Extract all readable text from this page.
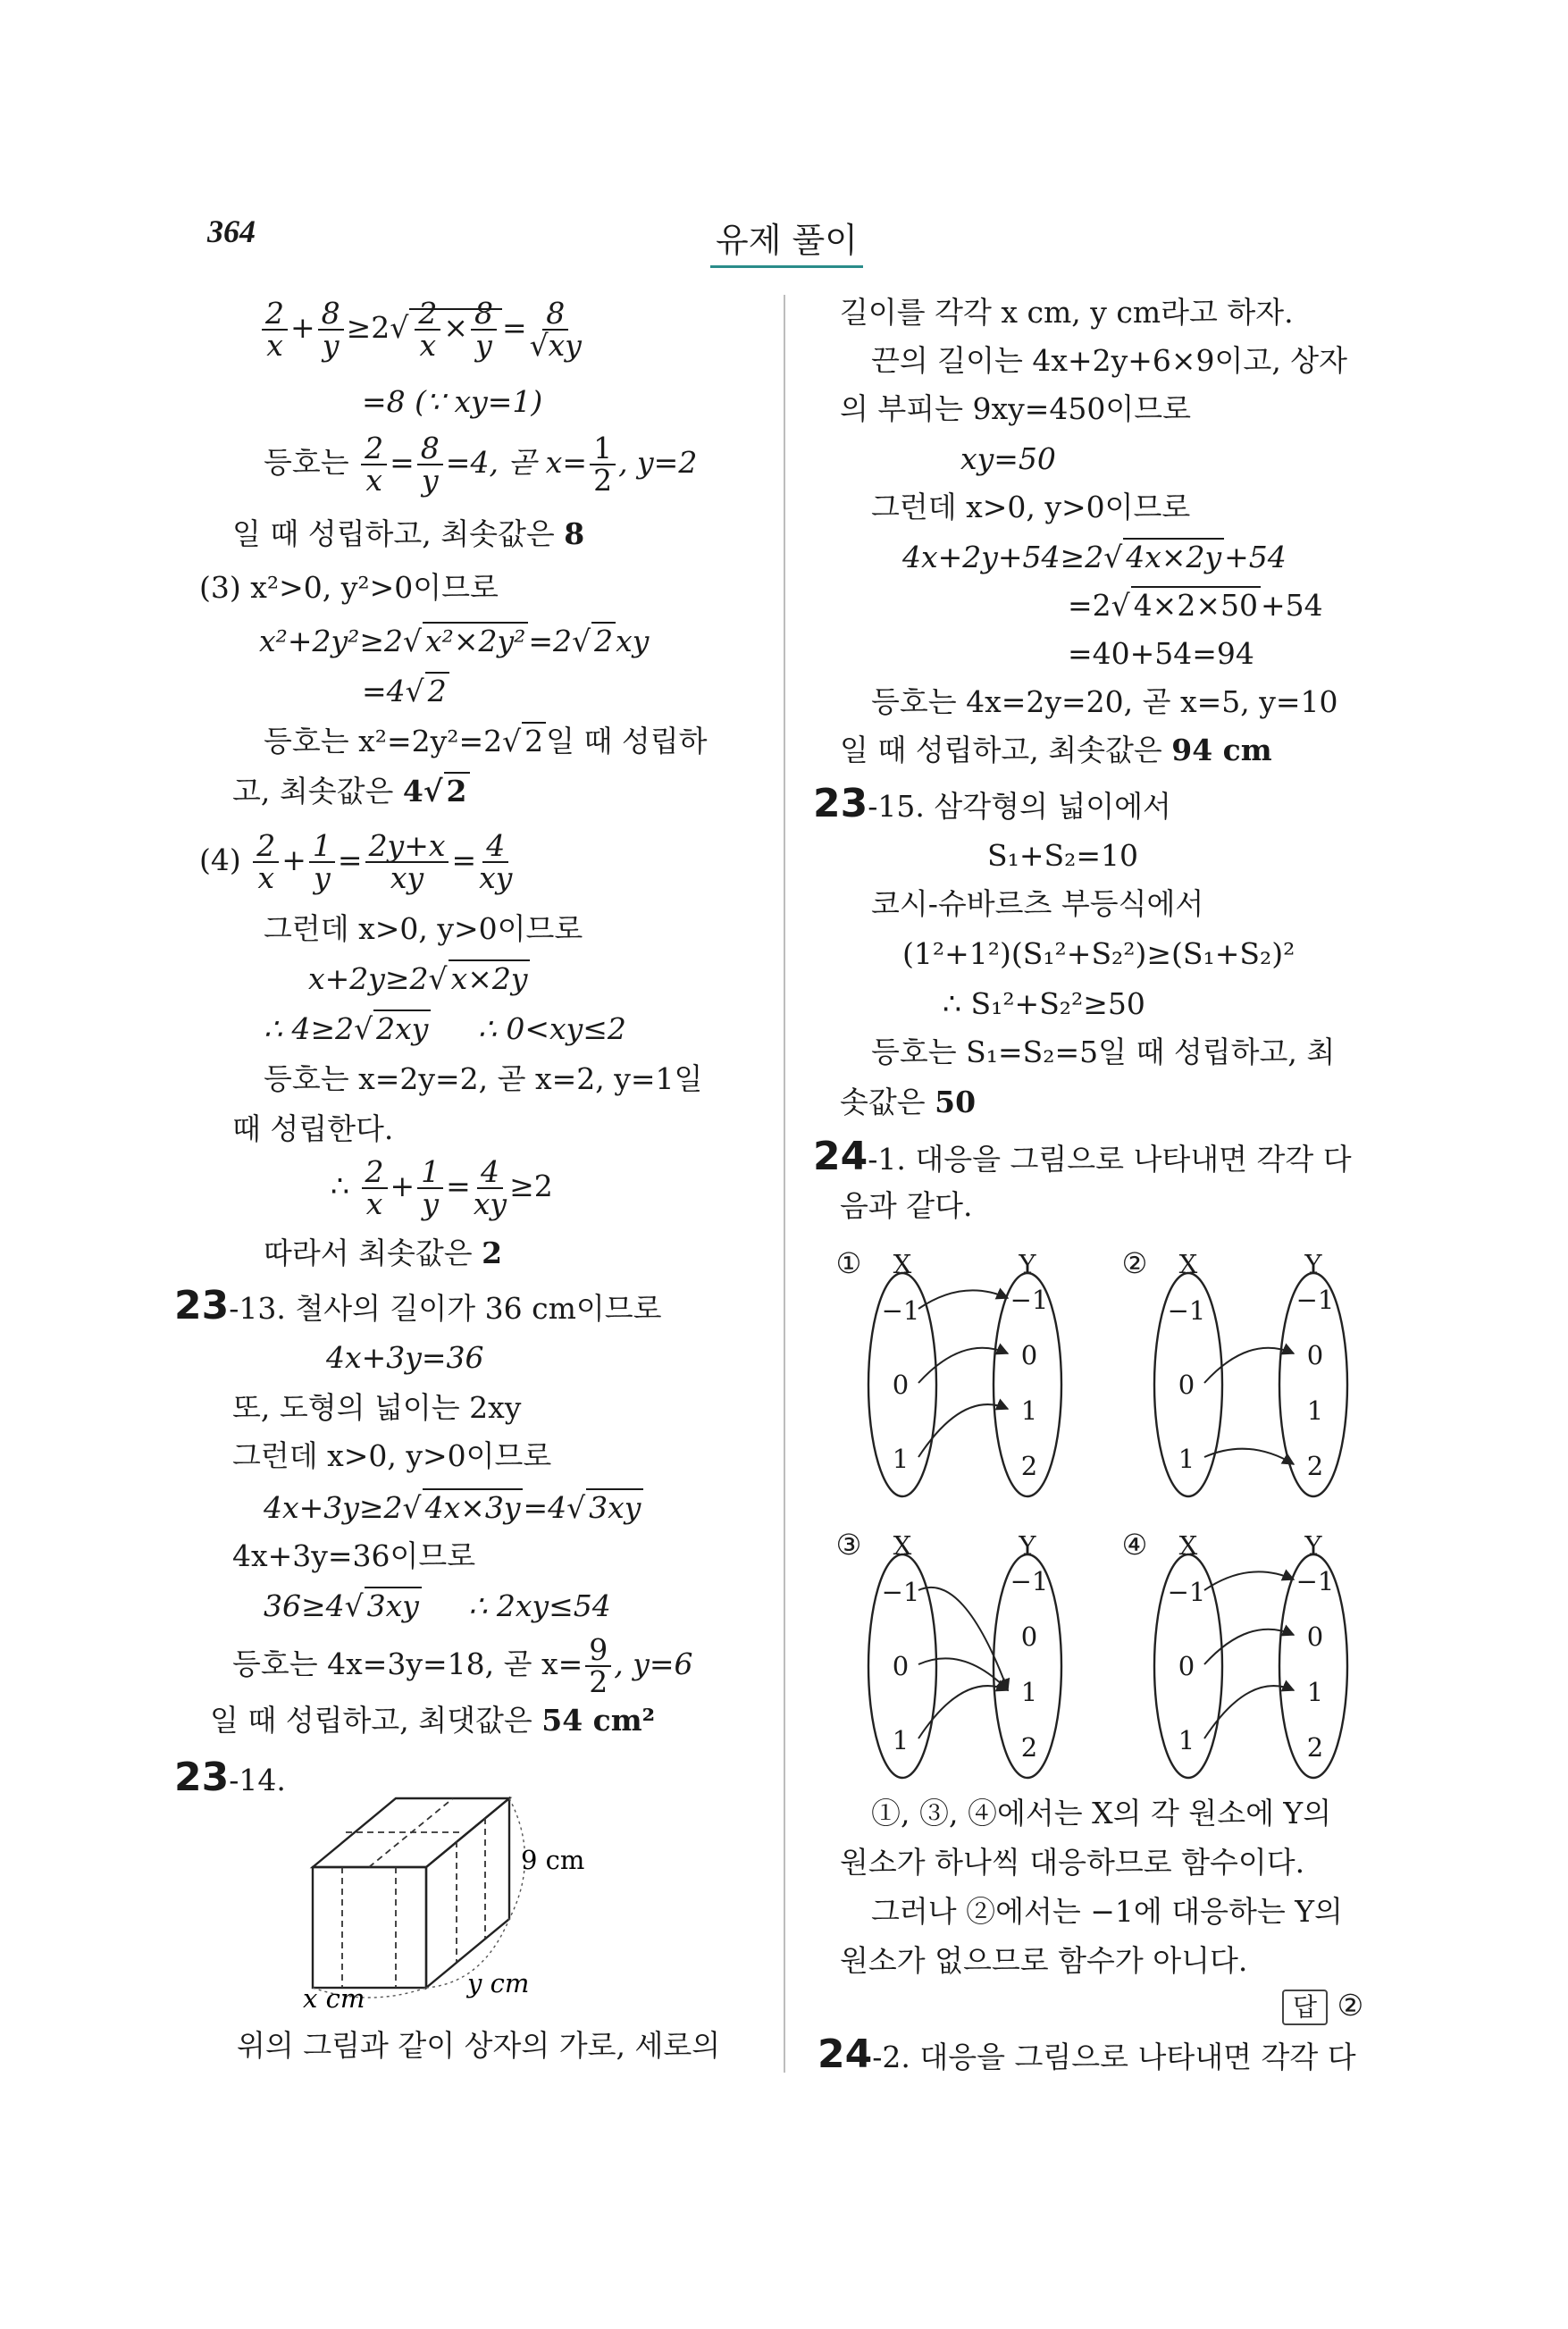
364	유제 풀이
$\frac{2}{x} + \frac{8}{y} \ge 2√ \frac{2}{x} \times \frac{8}{y} = \frac{8}{√xy}$
=8 (∵ xy=1)
등호는 $\frac{2}{x} = \frac{8}{y} =4$, 곧 $x= \frac{1}{2}$ , y=2
일 때 성립하고, 최솟값은 8
(3) x²>0, y²>0이므로
x²+2y²≥2√ x²×2y²=2√ 2xy
=4√ 2
등호는 x²=2y²=2√ 2일 때 성립하
고, 최솟값은 4√ 2
$(4) \frac{2}{x} + \frac{1}{y} = \frac{2y+x}{xy} = \frac{4}{xy}$
그런데 x>0, y>0이므로
x+2y≥2√ x×2y
∴ 4≥2√ 2xy ∴ 0<xy≤2
등호는 x=2y=2, 곧 x=2, y=1일
때 성립한다.
∴ $\frac{2}{x} + \frac{1}{y} = \frac{4}{xy} \ge 2$
따라서 최솟값은 2
23-13. 철사의 길이가 36 cm이므로
4x+3y=36
또, 도형의 넓이는 2xy
그런데 x>0, y>0이므로
4x+3y≥2√ 4x×3y=4√ 3xy
4x+3y=36이므로
36≥4√ 3xy ∴ 2xy≤54
등호는 4x=3y=18, 곧 $x= \frac{9}{2}$ , y=6
일 때 성립하고, 최댓값은 54 cm²
23-14.
9 cm
y cm
x cm
위의 그림과 같이 상자의 가로, 세로의
길이를 각각 x cm, y cm라고 하자.
끈의 길이는 4x+2y+6×9이고, 상자
의 부피는 9xy=450이므로
xy=50
그런데 x>0, y>0이므로
4x+2y+54≥2√ 4x×2y+54
=2√ 4×2×50+54
=40+54=94
등호는 4x=2y=20, 곧 x=5, y=10
일 때 성립하고, 최솟값은 94 cm
23-15. 삼각형의 넓이에서
S₁+S₂=10
코시-슈바르츠 부등식에서
(1²+1²)(S₁²+S₂²)≥(S₁+S₂)²
∴ S₁²+S₂²≥50
등호는 S₁=S₂=5일 때 성립하고, 최
솟값은 50
24-1. 대응을 그림으로 나타내면 각각 다
음과 같다.
① X	Y
−1
0
1
−1
0
1
2
② X	Y
−1
0
1
−1
0
1
2
③ X	Y
−1
0
1
−1
0
1
2
④ X	Y
−1
0
1
−1
0
1
2
①, ③, ④에서는 X의 각 원소에 Y의
원소가 하나씩 대응하므로 함수이다.
그러나 ②에서는 −1에 대응하는 Y의
원소가 없으므로 함수가 아니다.
답 ②
24-2. 대응을 그림으로 나타내면 각각 다
